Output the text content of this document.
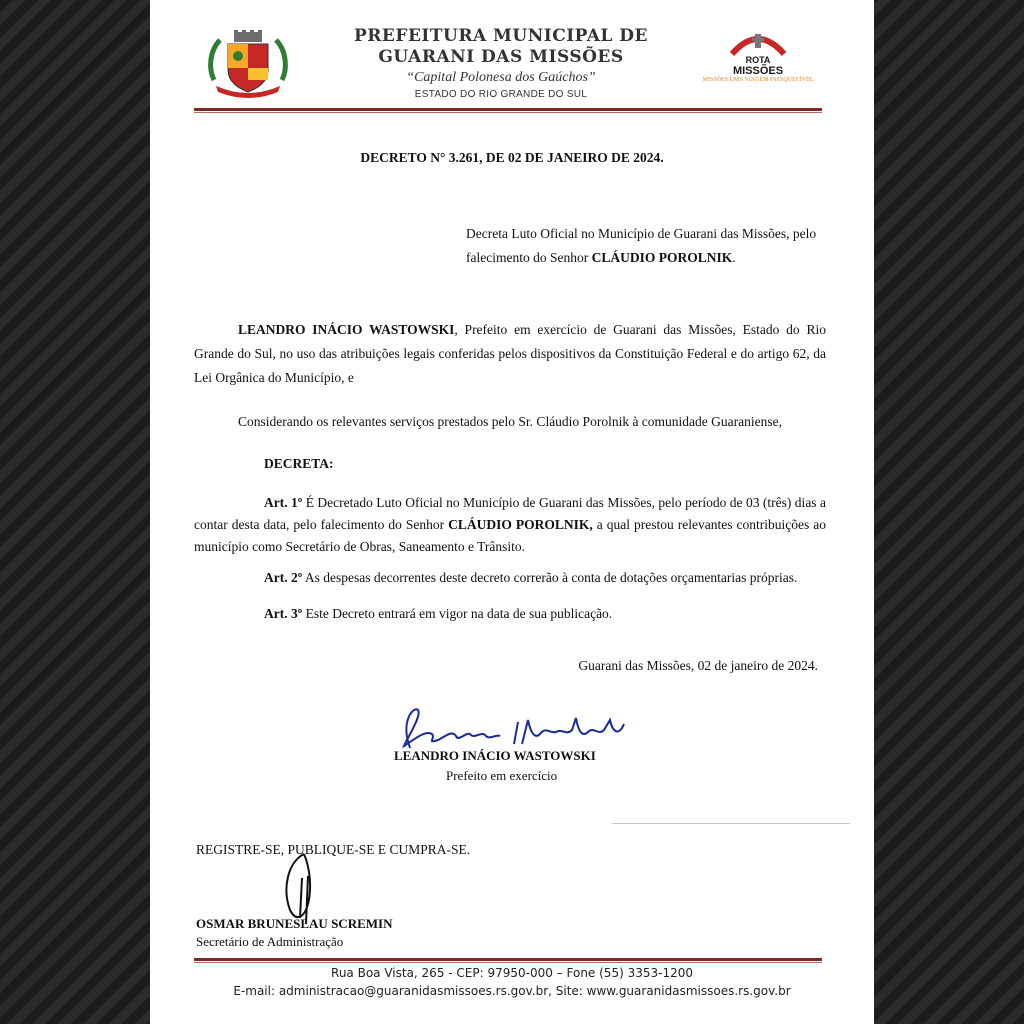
PREFEITURA MUNICIPAL DE
GUARANI DAS MISSÕES
“Capital Polonesa dos Gaúchos”
ESTADO DO RIO GRANDE DO SUL
ROTA
MISSÕES
MISSÕES UMA VIAGEM INESQUECÍVEL
DECRETO N° 3.261, DE 02 DE JANEIRO DE 2024.
Decreta Luto Oficial no Município de Guarani das Missões, pelo falecimento do Senhor CLÁUDIO POROLNIK.
LEANDRO INÁCIO WASTOWSKI, Prefeito em exercício de Guarani das Missões, Estado do Rio Grande do Sul, no uso das atribuições legais conferidas pelos dispositivos da Constituição Federal e do artigo 62, da Lei Orgânica do Município, e
Considerando os relevantes serviços prestados pelo Sr. Cláudio Porolnik à comunidade Guaraniense,
DECRETA:
Art. 1º É Decretado Luto Oficial no Município de Guarani das Missões, pelo período de 03 (três) dias a contar desta data, pelo falecimento do Senhor CLÁUDIO POROLNIK, a qual prestou relevantes contribuições ao município como Secretário de Obras, Saneamento e Trânsito.
Art. 2º As despesas decorrentes deste decreto correrão à conta de dotações orçamentarias próprias.
Art. 3º Este Decreto entrará em vigor na data de sua publicação.
Guarani das Missões, 02 de janeiro de 2024.
LEANDRO INÁCIO WASTOWSKI
Prefeito em exercício
REGISTRE-SE, PUBLIQUE-SE E CUMPRA-SE.
OSMAR BRUNESLAU SCREMIN
Secretário de Administração
Rua Boa Vista, 265 - CEP: 97950-000 – Fone (55) 3353-1200
E-mail: administracao@guaranidasmissoes.rs.gov.br, Site: www.guaranidasmissoes.rs.gov.br
